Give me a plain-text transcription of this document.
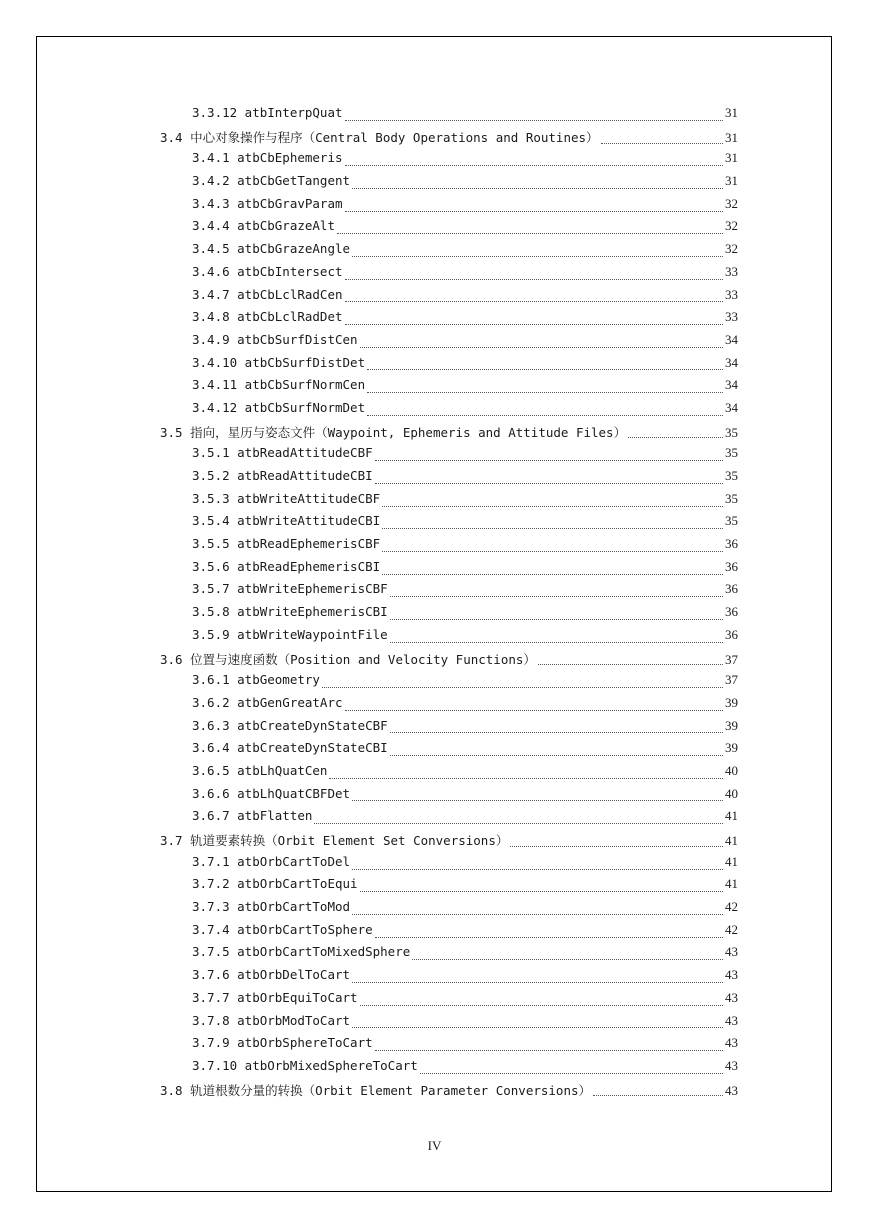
3.3.12 atbInterpQuat	31
3.4 中心对象操作与程序（Central Body Operations and Routines）	31
3.4.1 atbCbEphemeris	31
3.4.2 atbCbGetTangent	31
3.4.3 atbCbGravParam	32
3.4.4 atbCbGrazeAlt	32
3.4.5 atbCbGrazeAngle	32
3.4.6 atbCbIntersect	33
3.4.7 atbCbLclRadCen	33
3.4.8 atbCbLclRadDet	33
3.4.9 atbCbSurfDistCen	34
3.4.10 atbCbSurfDistDet	34
3.4.11 atbCbSurfNormCen	34
3.4.12 atbCbSurfNormDet	34
3.5 指向，星历与姿态文件（Waypoint, Ephemeris and Attitude Files）	35
3.5.1 atbReadAttitudeCBF	35
3.5.2 atbReadAttitudeCBI	35
3.5.3 atbWriteAttitudeCBF	35
3.5.4 atbWriteAttitudeCBI	35
3.5.5 atbReadEphemerisCBF	36
3.5.6 atbReadEphemerisCBI	36
3.5.7 atbWriteEphemerisCBF	36
3.5.8 atbWriteEphemerisCBI	36
3.5.9 atbWriteWaypointFile	36
3.6 位置与速度函数（Position and Velocity Functions）	37
3.6.1 atbGeometry	37
3.6.2 atbGenGreatArc	39
3.6.3 atbCreateDynStateCBF	39
3.6.4 atbCreateDynStateCBI	39
3.6.5 atbLhQuatCen	40
3.6.6 atbLhQuatCBFDet	40
3.6.7 atbFlatten	41
3.7 轨道要素转换（Orbit Element Set Conversions）	41
3.7.1 atbOrbCartToDel	41
3.7.2 atbOrbCartToEqui	41
3.7.3 atbOrbCartToMod	42
3.7.4 atbOrbCartToSphere	42
3.7.5 atbOrbCartToMixedSphere	43
3.7.6 atbOrbDelToCart	43
3.7.7 atbOrbEquiToCart	43
3.7.8 atbOrbModToCart	43
3.7.9 atbOrbSphereToCart	43
3.7.10 atbOrbMixedSphereToCart	43
3.8 轨道根数分量的转换（Orbit Element Parameter Conversions）	43
IV
